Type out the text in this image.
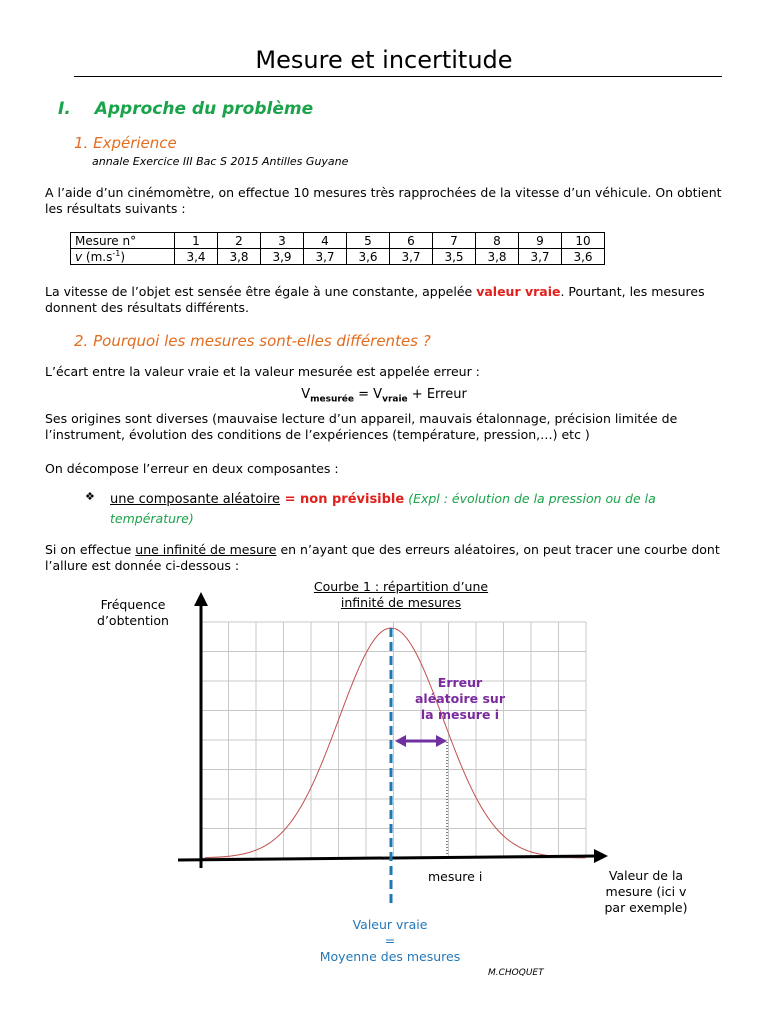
Mesure et incertitude
I. Approche du problème
1. Expérience
annale Exercice III Bac S 2015 Antilles Guyane
A l’aide d’un cinémomètre, on effectue 10 mesures très rapprochées de la vitesse d’un véhicule. On obtient
les résultats suivants :
Mesure n°	1	2	3	4	5	6	7	8	9	10
v $(m.s^{-1})$	3,4	3,8	3,9	3,7	3,6	3,7	3,5	3,8	3,7	3,6
La vitesse de l’objet est sensée être égale à une constante, appelée valeur vraie. Pourtant, les mesures
donnent des résultats différents.
2. Pourquoi les mesures sont-elles différentes ?
L’écart entre la valeur vraie et la valeur mesurée est appelée erreur :
$V_{mesurée} = V_{vraie}$ + Erreur
Ses origines sont diverses (mauvaise lecture d’un appareil, mauvais étalonnage, précision limitée de
l’instrument, évolution des conditions de l’expériences (température, pression,…) etc )
On décompose l’erreur en deux composantes :
❖ une composante aléatoire = non prévisible (Expl : évolution de la pression ou de la
température)
Si on effectue une infinité de mesure en n’ayant que des erreurs aléatoires, on peut tracer une courbe dont
l’allure est donnée ci-dessous :
Courbe 1 : répartition d’une
infinité de mesures
Fréquence
d’obtention
Valeur de la
mesure (ici v
par exemple)
mesure i
Erreur
aléatoire sur
la mesure i
Valeur vraie
=
Moyenne des mesures
M.CHOQUET
